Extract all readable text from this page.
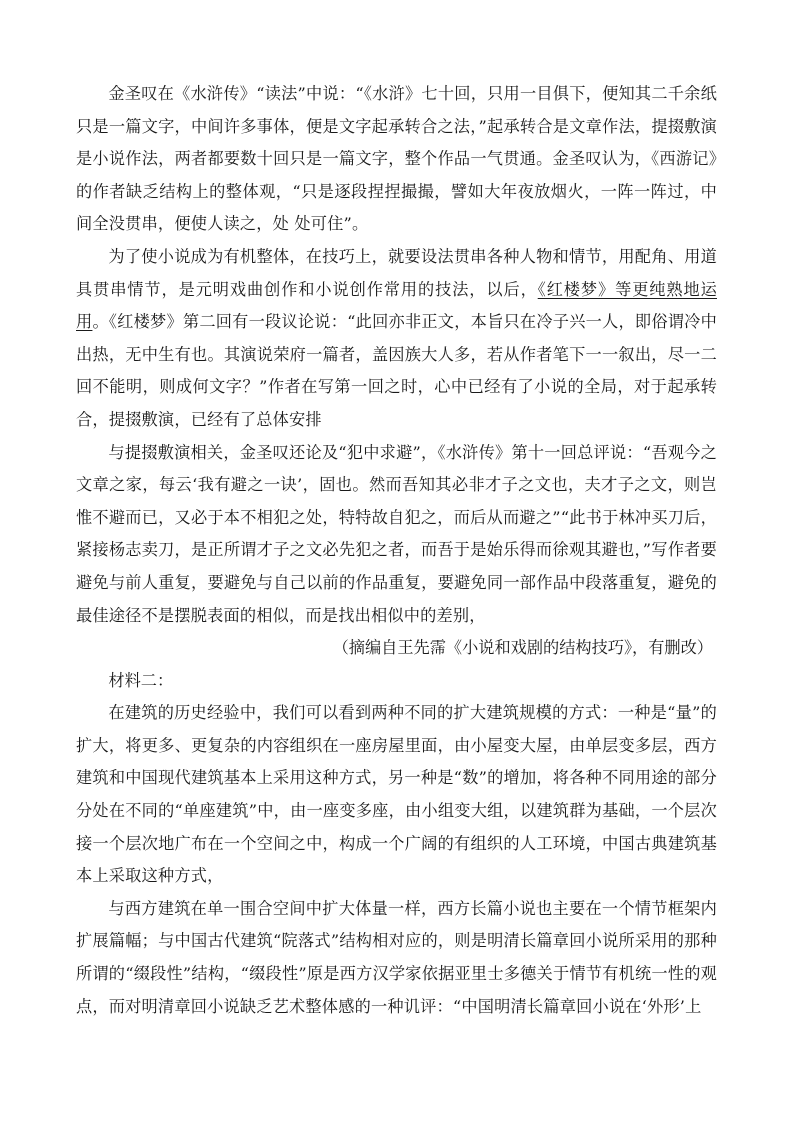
金圣叹在《水浒传》“读法”中说：“《水浒》七十回，只用一目俱下，便知其二千余纸只是一篇文字，中间许多事体，便是文字起承转合之法，”起承转合是文章作法，提掇敷演是小说作法，两者都要数十回只是一篇文字，整个作品一气贯通。金圣叹认为，《西游记》的作者缺乏结构上的整体观，“只是逐段捏捏撮撮，譬如大年夜放烟火，一阵一阵过，中间全没贯串，便使人读之，处 处可住”。

为了使小说成为有机整体，在技巧上，就要设法贯串各种人物和情节，用配角、用道具贯串情节，是元明戏曲创作和小说创作常用的技法，以后，《红楼梦》等更纯熟地运用。《红楼梦》第二回有一段议论说：“此回亦非正文，本旨只在冷子兴一人，即俗谓冷中出热，无中生有也。其演说荣府一篇者，盖因族大人多，若从作者笔下一一叙出，尽一二回不能明，则成何文字？”作者在写第一回之时，心中已经有了小说的全局，对于起承转合，提掇敷演，已经有了总体安排

与提掇敷演相关，金圣叹还论及“犯中求避”，《水浒传》第十一回总评说：“吾观今之文章之家，每云‘我有避之一诀’，固也。然而吾知其必非才子之文也，夫才子之文，则岂惟不避而已，又必于本不相犯之处，特特故自犯之，而后从而避之”“此书于林冲买刀后，紧接杨志卖刀，是正所谓才子之文必先犯之者，而吾于是始乐得而徐观其避也，”写作者要避免与前人重复，要避免与自己以前的作品重复，要避免同一部作品中段落重复，避免的最佳途径不是摆脱表面的相似，而是找出相似中的差别，

（摘编自王先霈《小说和戏剧的结构技巧》，有删改）

材料二：

在建筑的历史经验中，我们可以看到两种不同的扩大建筑规模的方式：一种是“量”的扩大，将更多、更复杂的内容组织在一座房屋里面，由小屋变大屋，由单层变多层，西方建筑和中国现代建筑基本上采用这种方式，另一种是“数”的增加，将各种不同用途的部分分处在不同的“单座建筑”中，由一座变多座，由小组变大组，以建筑群为基础，一个层次接一个层次地广布在一个空间之中，构成一个广阔的有组织的人工环境，中国古典建筑基本上采取这种方式，

与西方建筑在单一围合空间中扩大体量一样，西方长篇小说也主要在一个情节框架内扩展篇幅；与中国古代建筑“院落式”结构相对应的，则是明清长篇章回小说所采用的那种所谓的“缀段性”结构，“缀段性”原是西方汉学家依据亚里士多德关于情节有机统一性的观点，而对明清章回小说缺乏艺术整体感的一种讥评：“中国明清长篇章回小说在‘外形’上
